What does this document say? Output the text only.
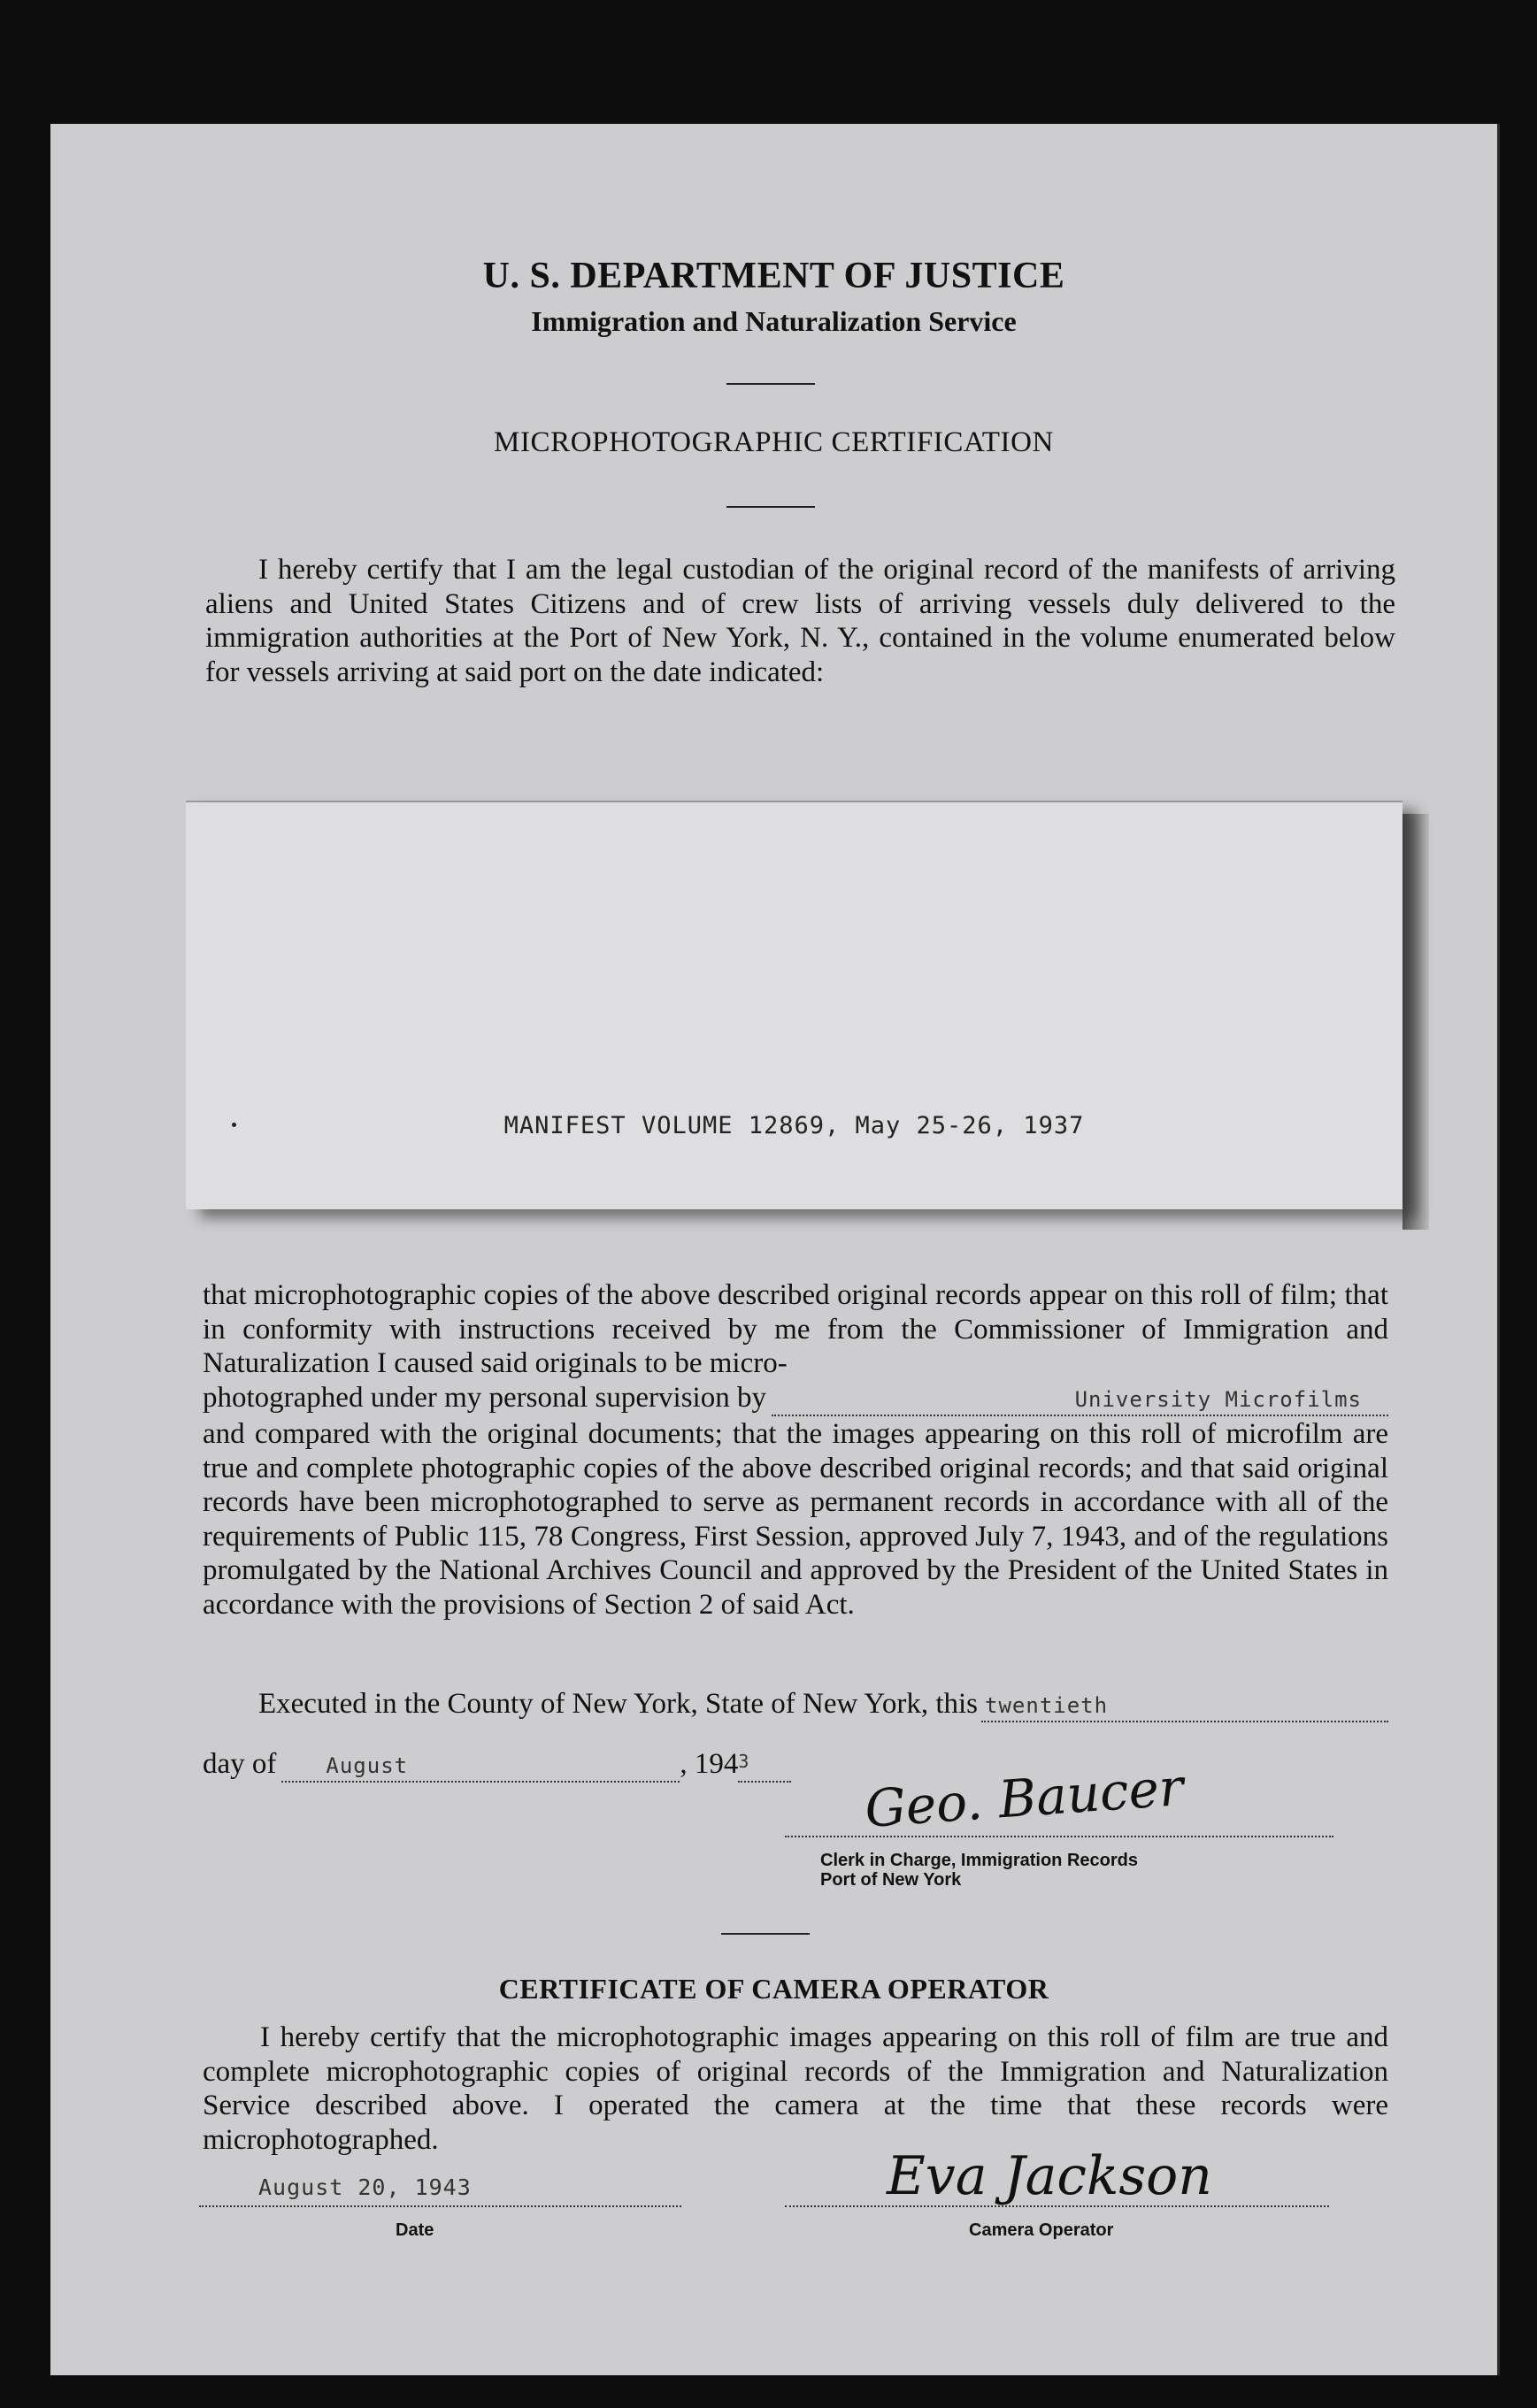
U. S. DEPARTMENT OF JUSTICE
Immigration and Naturalization Service
MICROPHOTOGRAPHIC CERTIFICATION
I hereby certify that I am the legal custodian of the original record of the manifests of arriving aliens and United States Citizens and of crew lists of arriving vessels duly delivered to the immigration authorities at the Port of New York, N. Y., contained in the volume enumerated below for vessels arriving at said port on the date indicated:
MANIFEST VOLUME 12869, May 25-26, 1937
that microphotographic copies of the above described original records appear on this roll of film; that in conformity with instructions received by me from the Commissioner of Immigration and Naturalization I caused said originals to be micro-
photographed under my personal supervision by	University Microfilms
and compared with the original documents; that the images appearing on this roll of microfilm are true and complete photographic copies of the above described original records; and that said original records have been microphotographed to serve as permanent records in accordance with all of the requirements of Public 115, 78 Congress, First Session, approved July 7, 1943, and of the regulations promulgated by the National Archives Council and approved by the President of the United States in accordance with the provisions of Section 2 of said Act.
Executed in the County of New York, State of New York, this twentieth
day of	August	, 194 3	Geo. Baucer
Clerk in Charge, Immigration Records
Port of New York
CERTIFICATE OF CAMERA OPERATOR
I hereby certify that the microphotographic images appearing on this roll of film are true and complete microphotographic copies of original records of the Immigration and Naturalization Service described above. I operated the camera at the time that these records were microphotographed.
August 20, 1943
Date
Eva Jackson
Camera Operator
